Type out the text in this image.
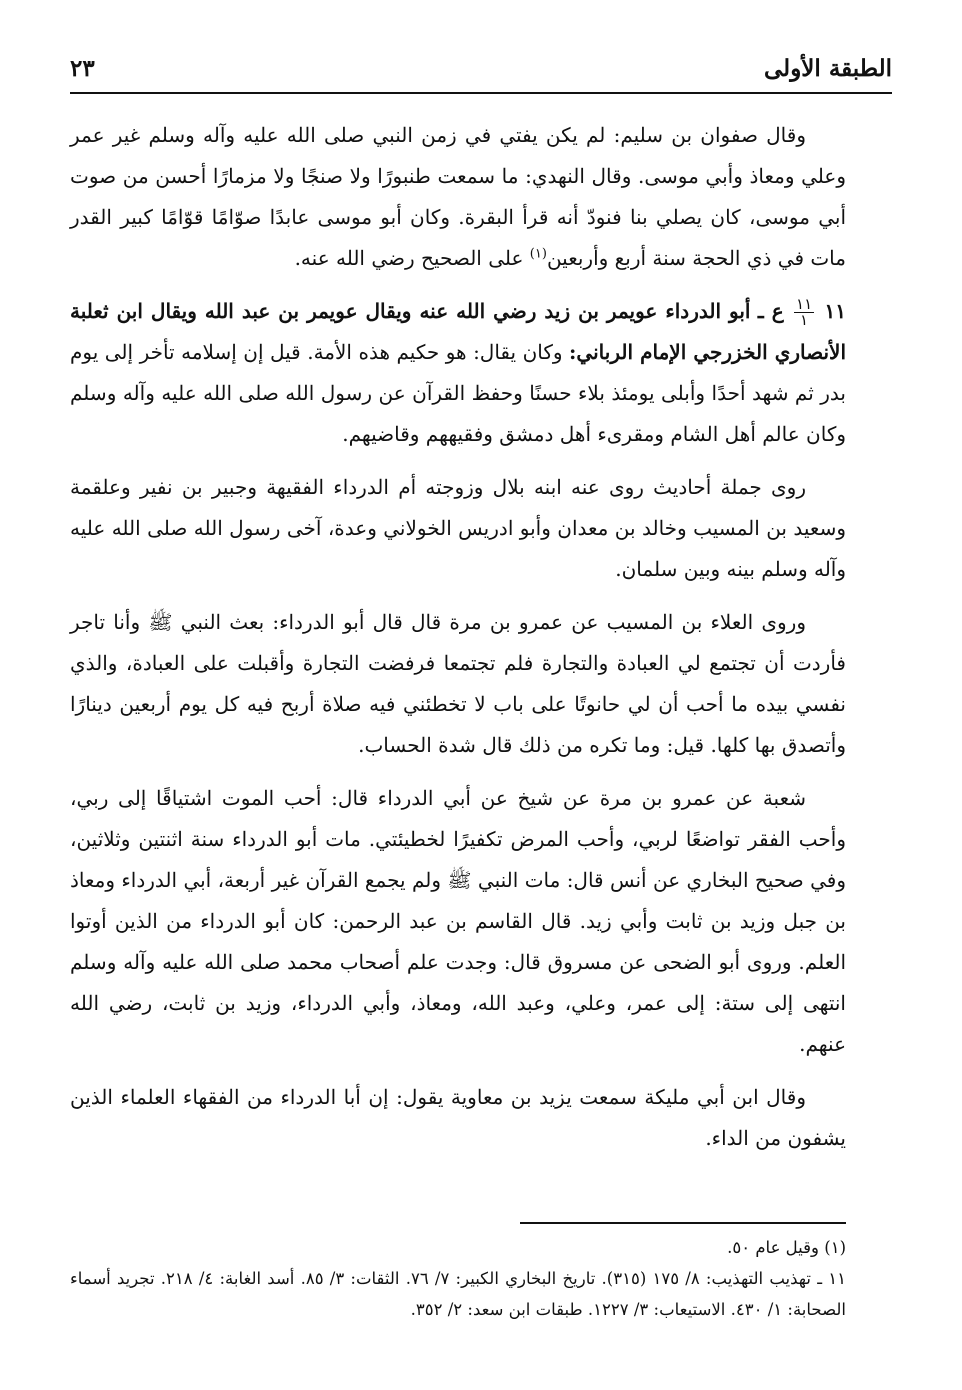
الطبقة الأولى
٢٣

وقال صفوان بن سليم: لم يكن يفتي في زمن النبي صلى الله عليه وآله وسلم غير عمر وعلي ومعاذ وأبي موسى. وقال النهدي: ما سمعت طنبورًا ولا صنجًا ولا مزمارًا أحسن من صوت أبي موسى، كان يصلي بنا فنودّ أنه قرأ البقرة. وكان أبو موسى عابدًا صوّامًا قوّامًا كبير القدر مات في ذي الحجة سنة أربع وأربعين$^{(١)}$ على الصحيح رضي الله عنه.

١١
$\frac{١١}{١}$
ع ـ أبو الدرداء عويمر بن زيد رضي الله عنه ويقال عويمر بن عبد الله ويقال ابن ثعلبة الأنصاري الخزرجي الإمام الرباني: وكان يقال: هو حكيم هذه الأمة. قيل إن إسلامه تأخر إلى يوم بدر ثم شهد أحدًا وأبلى يومئذ بلاء حسنًا وحفظ القرآن عن رسول الله صلى الله عليه وآله وسلم وكان عالم أهل الشام ومقرىء أهل دمشق وفقيههم وقاضيهم.

روى جملة أحاديث روى عنه ابنه بلال وزوجته أم الدرداء الفقيهة وجبير بن نفير وعلقمة وسعيد بن المسيب وخالد بن معدان وأبو ادريس الخولاني وعدة، آخى رسول الله صلى الله عليه وآله وسلم بينه وبين سلمان.

وروى العلاء بن المسيب عن عمرو بن مرة قال قال أبو الدرداء: بعث النبي ﷺ وأنا تاجر فأردت أن تجتمع لي العبادة والتجارة فلم تجتمعا فرفضت التجارة وأقبلت على العبادة، والذي نفسي بيده ما أحب أن لي حانوتًا على باب لا تخطئني فيه صلاة أربح فيه كل يوم أربعين دينارًا وأتصدق بها كلها. قيل: وما تكره من ذلك قال شدة الحساب.

شعبة عن عمرو بن مرة عن شيخ عن أبي الدرداء قال: أحب الموت اشتياقًا إلى ربي، وأحب الفقر تواضعًا لربي، وأحب المرض تكفيرًا لخطيئتي. مات أبو الدرداء سنة اثنتين وثلاثين، وفي صحيح البخاري عن أنس قال: مات النبي ﷺ ولم يجمع القرآن غير أربعة، أبي الدرداء ومعاذ بن جبل وزيد بن ثابت وأبي زيد. قال القاسم بن عبد الرحمن: كان أبو الدرداء من الذين أوتوا العلم. وروى أبو الضحى عن مسروق قال: وجدت علم أصحاب محمد صلى الله عليه وآله وسلم انتهى إلى ستة: إلى عمر، وعلي، وعبد الله، ومعاذ، وأبي الدرداء، وزيد بن ثابت، رضي الله عنهم.

وقال ابن أبي مليكة سمعت يزيد بن معاوية يقول: إن أبا الدرداء من الفقهاء العلماء الذين يشفون من الداء.

(١) وقيل عام ٥٠.

١١ ـ تهذيب التهذيب: ٨/ ١٧٥ (٣١٥). تاريخ البخاري الكبير: ٧/ ٧٦. الثقات: ٣/ ٨٥. أسد الغابة: ٤/ ٢١٨. تجريد أسماء الصحابة: ١/ ٤٣٠. الاستيعاب: ٣/ ١٢٢٧. طبقات ابن سعد: ٢/ ٣٥٢.
